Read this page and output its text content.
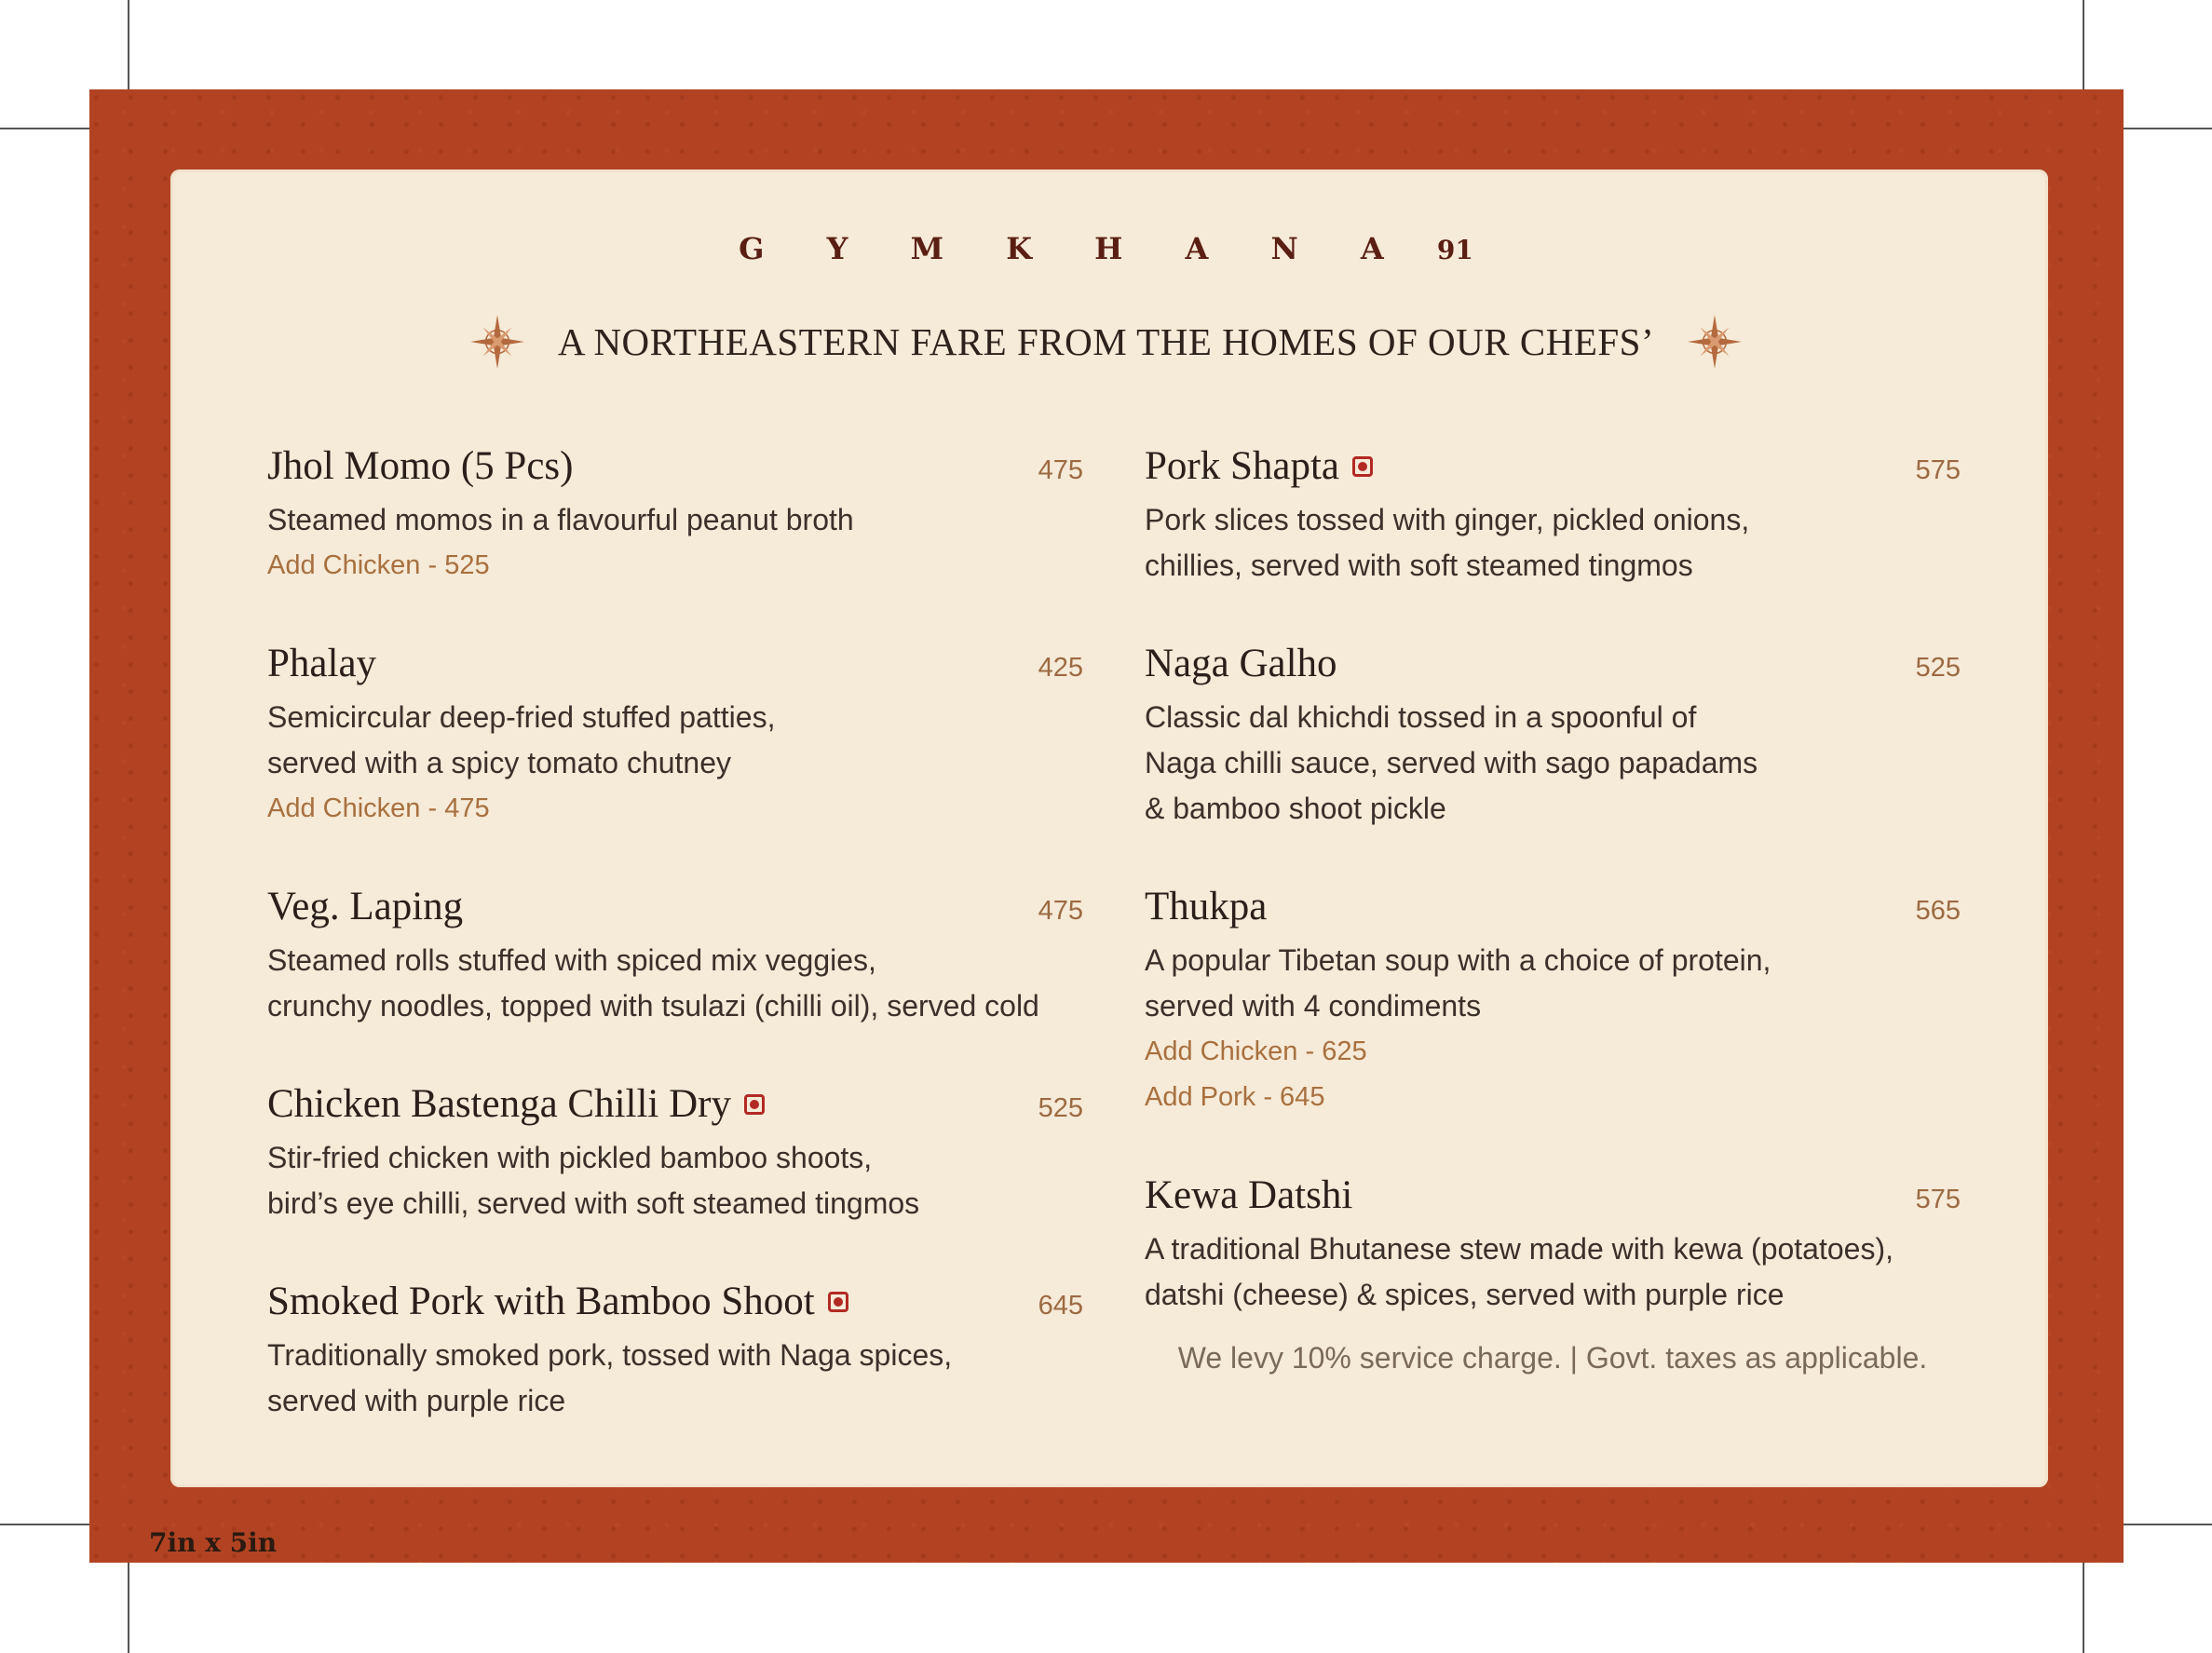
G Y M K H A N A 91
A NORTHEASTERN FARE FROM THE HOMES OF OUR CHEFS’
Jhol Momo (5 Pcs)	475
Steamed momos in a flavourful peanut broth
Add Chicken - 525
Phalay	425
Semicircular deep-fried stuffed patties,
served with a spicy tomato chutney
Add Chicken - 475
Veg. Laping	475
Steamed rolls stuffed with spiced mix veggies,
crunchy noodles, topped with tsulazi (chilli oil), served cold
Chicken Bastenga Chilli Dry	525
Stir-fried chicken with pickled bamboo shoots,
bird’s eye chilli, served with soft steamed tingmos
Smoked Pork with Bamboo Shoot	645
Traditionally smoked pork, tossed with Naga spices,
served with purple rice
Pork Shapta	575
Pork slices tossed with ginger, pickled onions,
chillies, served with soft steamed tingmos
Naga Galho	525
Classic dal khichdi tossed in a spoonful of
Naga chilli sauce, served with sago papadams
& bamboo shoot pickle
Thukpa	565
A popular Tibetan soup with a choice of protein,
served with 4 condiments
Add Chicken - 625
Add Pork - 645
Kewa Datshi	575
A traditional Bhutanese stew made with kewa (potatoes),
datshi (cheese) & spices, served with purple rice
We levy 10% service charge. | Govt. taxes as applicable.
7in x 5in
